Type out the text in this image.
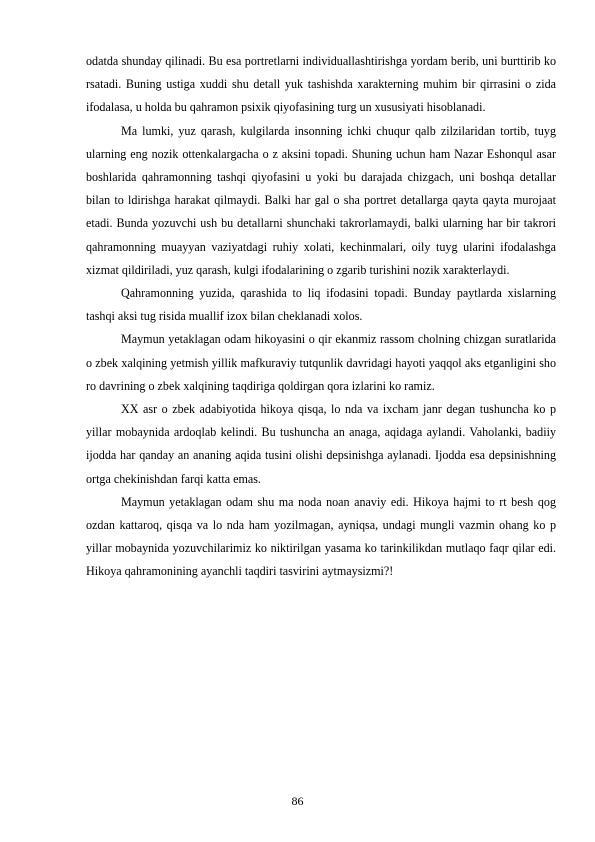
odatda shunday qilinadi. Bu esa portretlarni individuallashtirishga yordam berib, uni burttirib ko rsatadi. Buning ustiga xuddi shu detall yuk tashishda xarakterning muhim bir qirrasini o zida ifodalasa, u holda bu qahramon psixik qiyofasining turg un xususiyati hisoblanadi.

Ma lumki, yuz qarash, kulgilarda insonning ichki chuqur qalb zilzilaridan tortib, tuyg ularning eng nozik ottenkalargacha o z aksini topadi. Shuning uchun ham Nazar Eshonqul asar boshlarida qahramonning tashqi qiyofasini u yoki bu darajada chizgach, uni boshqa detallar bilan to ldirishga harakat qilmaydi. Balki har gal o sha portret detallarga qayta qayta murojaat etadi. Bunda yozuvchi ush bu detallarni shunchaki takrorlamaydi, balki ularning har bir takrori qahramonning muayyan vaziyatdagi ruhiy xolati, kechinmalari, oily tuyg ularini ifodalashga xizmat qildiriladi, yuz qarash, kulgi ifodalarining o zgarib turishini nozik xarakterlaydi.

Qahramonning yuzida, qarashida to liq ifodasini topadi. Bunday paytlarda xislarning tashqi aksi tug risida muallif izox bilan cheklanadi xolos.

Maymun yetaklagan odam hikoyasini o qir ekanmiz rassom cholning chizgan suratlarida o zbek xalqining yetmish yillik mafkuraviy tutqunlik davridagi hayoti yaqqol aks etganligini sho ro davrining o zbek xalqining taqdiriga qoldirgan qora izlarini ko ramiz.

XX asr o zbek adabiyotida hikoya qisqa, lo nda va ixcham janr degan tushuncha ko p yillar mobaynida ardoqlab kelindi. Bu tushuncha an anaga, aqidaga aylandi. Vaholanki, badiiy ijodda har qanday an ananing aqida tusini olishi depsinishga aylanadi. Ijodda esa depsinishning ortga chekinishdan farqi katta emas.

Maymun yetaklagan odam shu ma noda noan anaviy edi. Hikoya hajmi to rt besh qog ozdan kattaroq, qisqa va lo nda ham yozilmagan, ayniqsa, undagi mungli vazmin ohang ko p yillar mobaynida yozuvchilarimiz ko niktirilgan yasama ko tarinkilikdan mutlaqo faqr qilar edi. Hikoya qahramonining ayanchli taqdiri tasvirini aytmaysizmi?!

86
